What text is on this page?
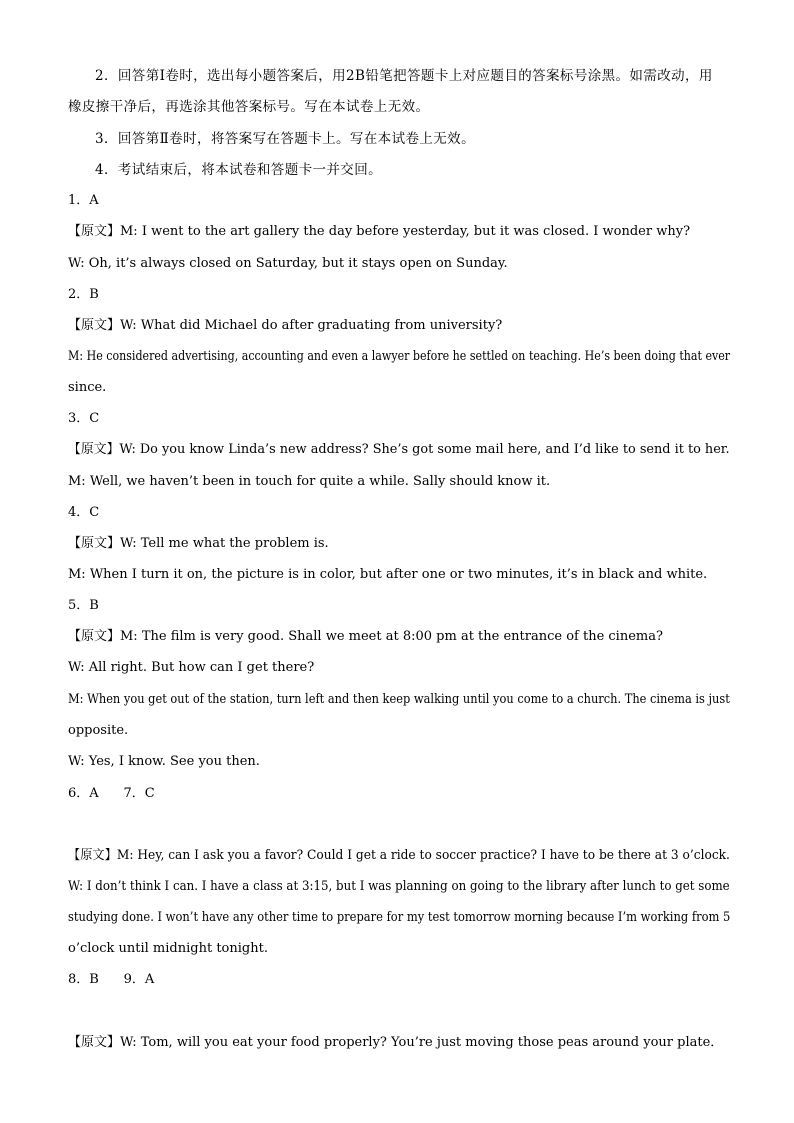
2．回答第Ⅰ卷时，选出每小题答案后，用2B铅笔把答题卡上对应题目的答案标号涂黑。如需改动，用
橡皮擦干净后，再选涂其他答案标号。写在本试卷上无效。
3．回答第Ⅱ卷时，将答案写在答题卡上。写在本试卷上无效。
4．考试结束后，将本试卷和答题卡一并交回。
1．A
【原文】M: I went to the art gallery the day before yesterday, but it was closed. I wonder why?
W: Oh, it’s always closed on Saturday, but it stays open on Sunday.
2．B
【原文】W: What did Michael do after graduating from university?
M: He considered advertising, accounting and even a lawyer before he settled on teaching. He’s been doing that ever
since.
3．C
【原文】W: Do you know Linda’s new address? She’s got some mail here, and I’d like to send it to her.
M: Well, we haven’t been in touch for quite a while. Sally should know it.
4．C
【原文】W: Tell me what the problem is.
M: When I turn it on, the picture is in color, but after one or two minutes, it’s in black and white.
5．B
【原文】M: The film is very good. Shall we meet at 8:00 pm at the entrance of the cinema?
W: All right. But how can I get there?
M: When you get out of the station, turn left and then keep walking until you come to a church. The cinema is just
opposite.
W: Yes, I know. See you then.
6．A      7．C
【原文】M: Hey, can I ask you a favor? Could I get a ride to soccer practice? I have to be there at 3 o’clock.
W: I don’t think I can. I have a class at 3:15, but I was planning on going to the library after lunch to get some
studying done. I won’t have any other time to prepare for my test tomorrow morning because I’m working from 5
o’clock until midnight tonight.
8．B      9．A
【原文】W: Tom, will you eat your food properly? You’re just moving those peas around your plate．
